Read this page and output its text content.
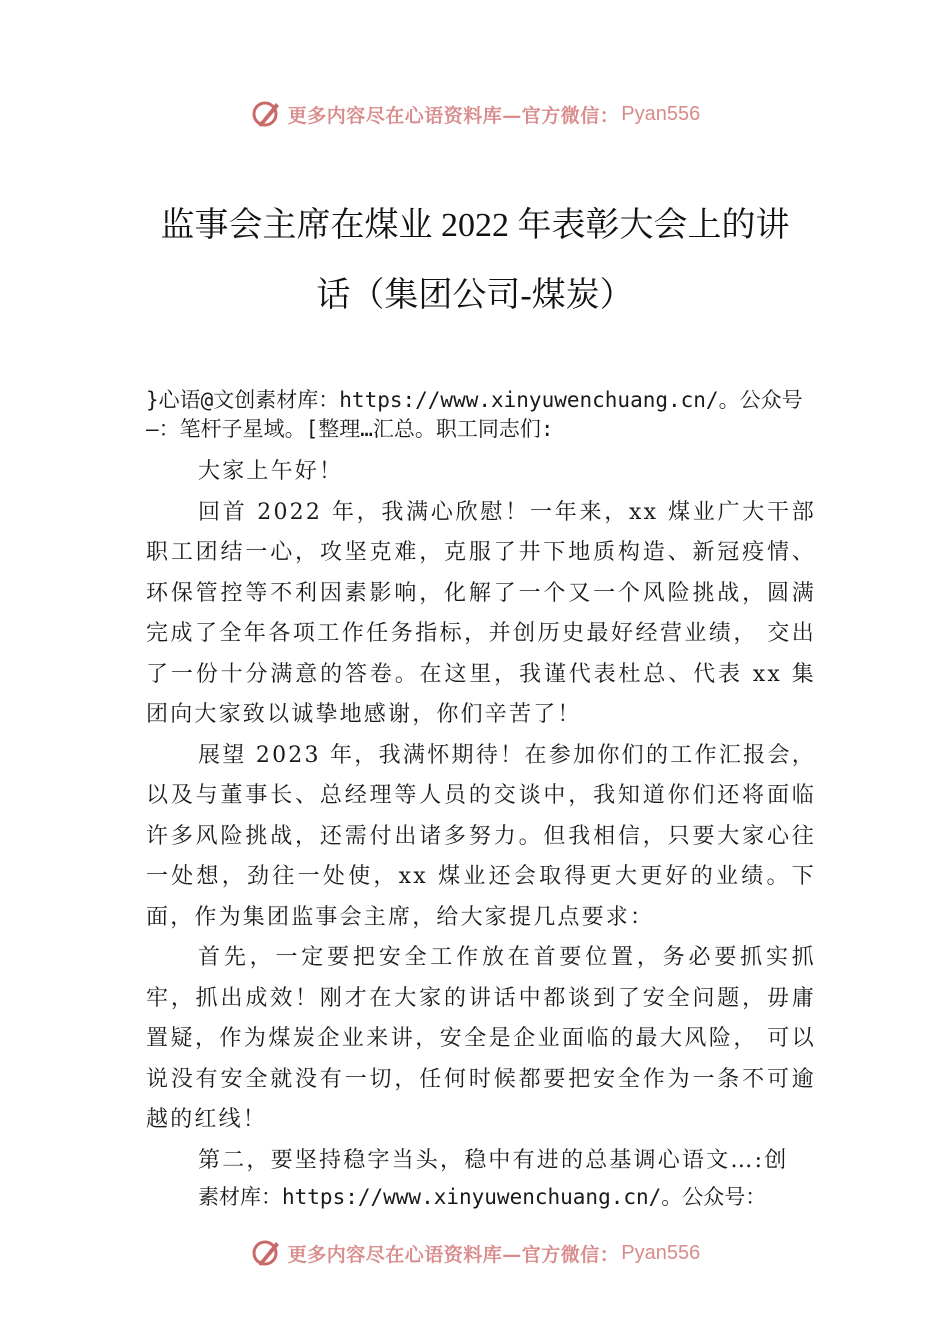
更多内容尽在心语资料库—官方微信： Pyan556
监事会主席在煤业 2022 年表彰大会上的讲
话（集团公司-煤炭）

}心语@文创素材库：https://www.xinyuwenchuang.cn/。公众号—：笔杆子星域。[整理…汇总。职工同志们:

大家上午好！

回首 2022 年，我满心欣慰！一年来，xx 煤业广大干部职工团结一心，攻坚克难，克服了井下地质构造、新冠疫情、环保管控等不利因素影响，化解了一个又一个风险挑战，圆满完成了全年各项工作任务指标，并创历史最好经营业绩， 交出了一份十分满意的答卷。在这里，我谨代表杜总、代表 xx 集团向大家致以诚挚地感谢，你们辛苦了！

展望 2023 年，我满怀期待！在参加你们的工作汇报会，以及与董事长、总经理等人员的交谈中，我知道你们还将面临许多风险挑战，还需付出诸多努力。但我相信，只要大家心往一处想，劲往一处使，xx 煤业还会取得更大更好的业绩。下面，作为集团监事会主席，给大家提几点要求：

首先，一定要把安全工作放在首要位置，务必要抓实抓牢，抓出成效！刚才在大家的讲话中都谈到了安全问题，毋庸置疑，作为煤炭企业来讲，安全是企业面临的最大风险， 可以说没有安全就没有一切，任何时候都要把安全作为一条不可逾越的红线！

第二，要坚持稳字当头，稳中有进的总基调心语文…:创

素材库：https://www.xinyuwenchuang.cn/。公众号：

更多内容尽在心语资料库—官方微信： Pyan556
